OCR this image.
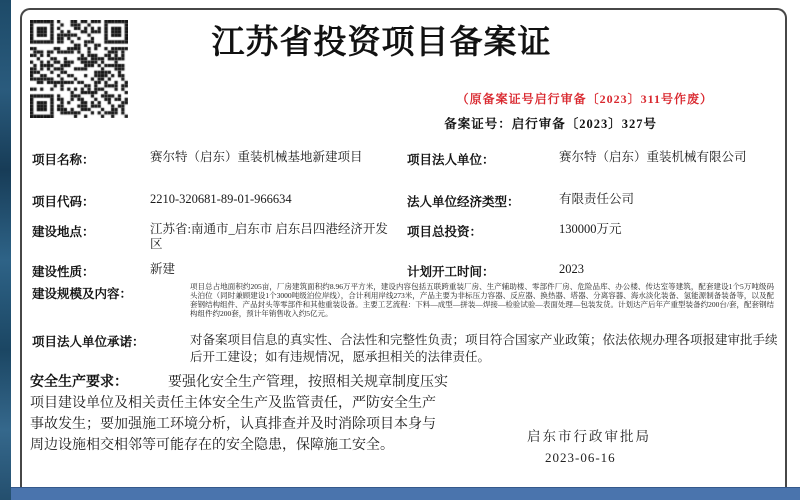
江苏省投资项目备案证
（原备案证号启行审备〔2023〕311号作废）
备案证号：启行审备〔2023〕327号
项目名称：	赛尔特（启东）重装机械基地新建项目	项目法人单位：	赛尔特（启东）重装机械有限公司
项目代码：	2210-320681-89-01-966634	法人单位经济类型：	有限责任公司
建设地点：	江苏省:南通市_启东市 启东吕四港经济开发区
项目总投资：	130000万元
建设性质：	新建	计划开工时间：	2023
建设规模及内容：
项目总占地面积约205亩，厂房建筑面积约8.96万平方米，建设内容包括五联跨重装厂房、生产辅助楼、零部件厂房、危险品库、办公楼、传达室等建筑，配套建设1个5万吨级码头泊位（同时兼顾建设1个3000吨级泊位岸线），合计利用岸线273米，产品主要为非标压力容器、反应器、换热器、塔器、分离容器、海水淡化装备、氢能源制备装备等，以及配套钢结构组件、产品封头等零部件和其他重装设备。主要工艺流程：下料—成型—拼装—焊接—检验试验—表面处理—包装发货。计划达产后年产重型装备约200台/套，配套钢结构组件约200套，预计年销售收入约5亿元。
项目法人单位承诺：	对备案项目信息的真实性、合法性和完整性负责；项目符合国家产业政策；依法依规办理各项报建审批手续后开工建设；如有违规情况，愿承担相关的法律责任。
安全生产要求：	要强化安全生产管理，按照相关规章制度压实项目建设单位及相关责任主体安全生产及监管责任，严防安全生产事故发生；要加强施工环境分析，认真排查并及时消除项目本身与周边设施相交相邻等可能存在的安全隐患，保障施工安全。
启东市行政审批局
2023-06-16
